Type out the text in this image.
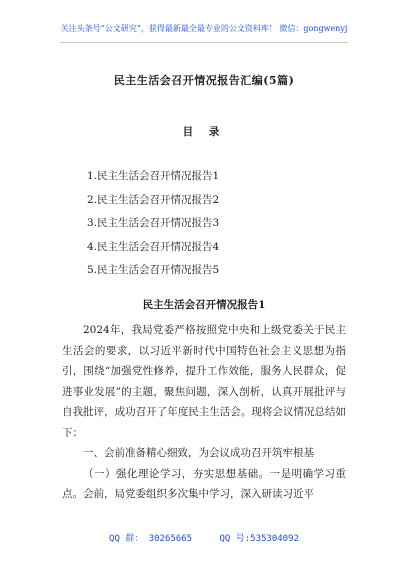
关注头条号“公文研究”，获得最新最全最专业的公文资料库！ 微信：gongwenyj
民主生活会召开情况报告汇编(5篇)
目 录
1.民主生活会召开情况报告1
2.民主生活会召开情况报告2
3.民主生活会召开情况报告3
4.民主生活会召开情况报告4
5.民主生活会召开情况报告5
民主生活会召开情况报告1

2024年，我局党委严格按照党中央和上级党委关于民主生活会的要求，以习近平新时代中国特色社会主义思想为指引，围绕“加强党性修养，提升工作效能，服务人民群众，促进事业发展”的主题，聚焦问题，深入剖析，认真开展批评与自我批评，成功召开了年度民主生活会。现将会议情况总结如下：

一、会前准备精心细致，为会议成功召开筑牢根基

（一）强化理论学习，夯实思想基础。一是明确学习重点。会前，局党委组织多次集中学习，深入研读习近平

QQ 群： 30265665	QQ 号:535304092
